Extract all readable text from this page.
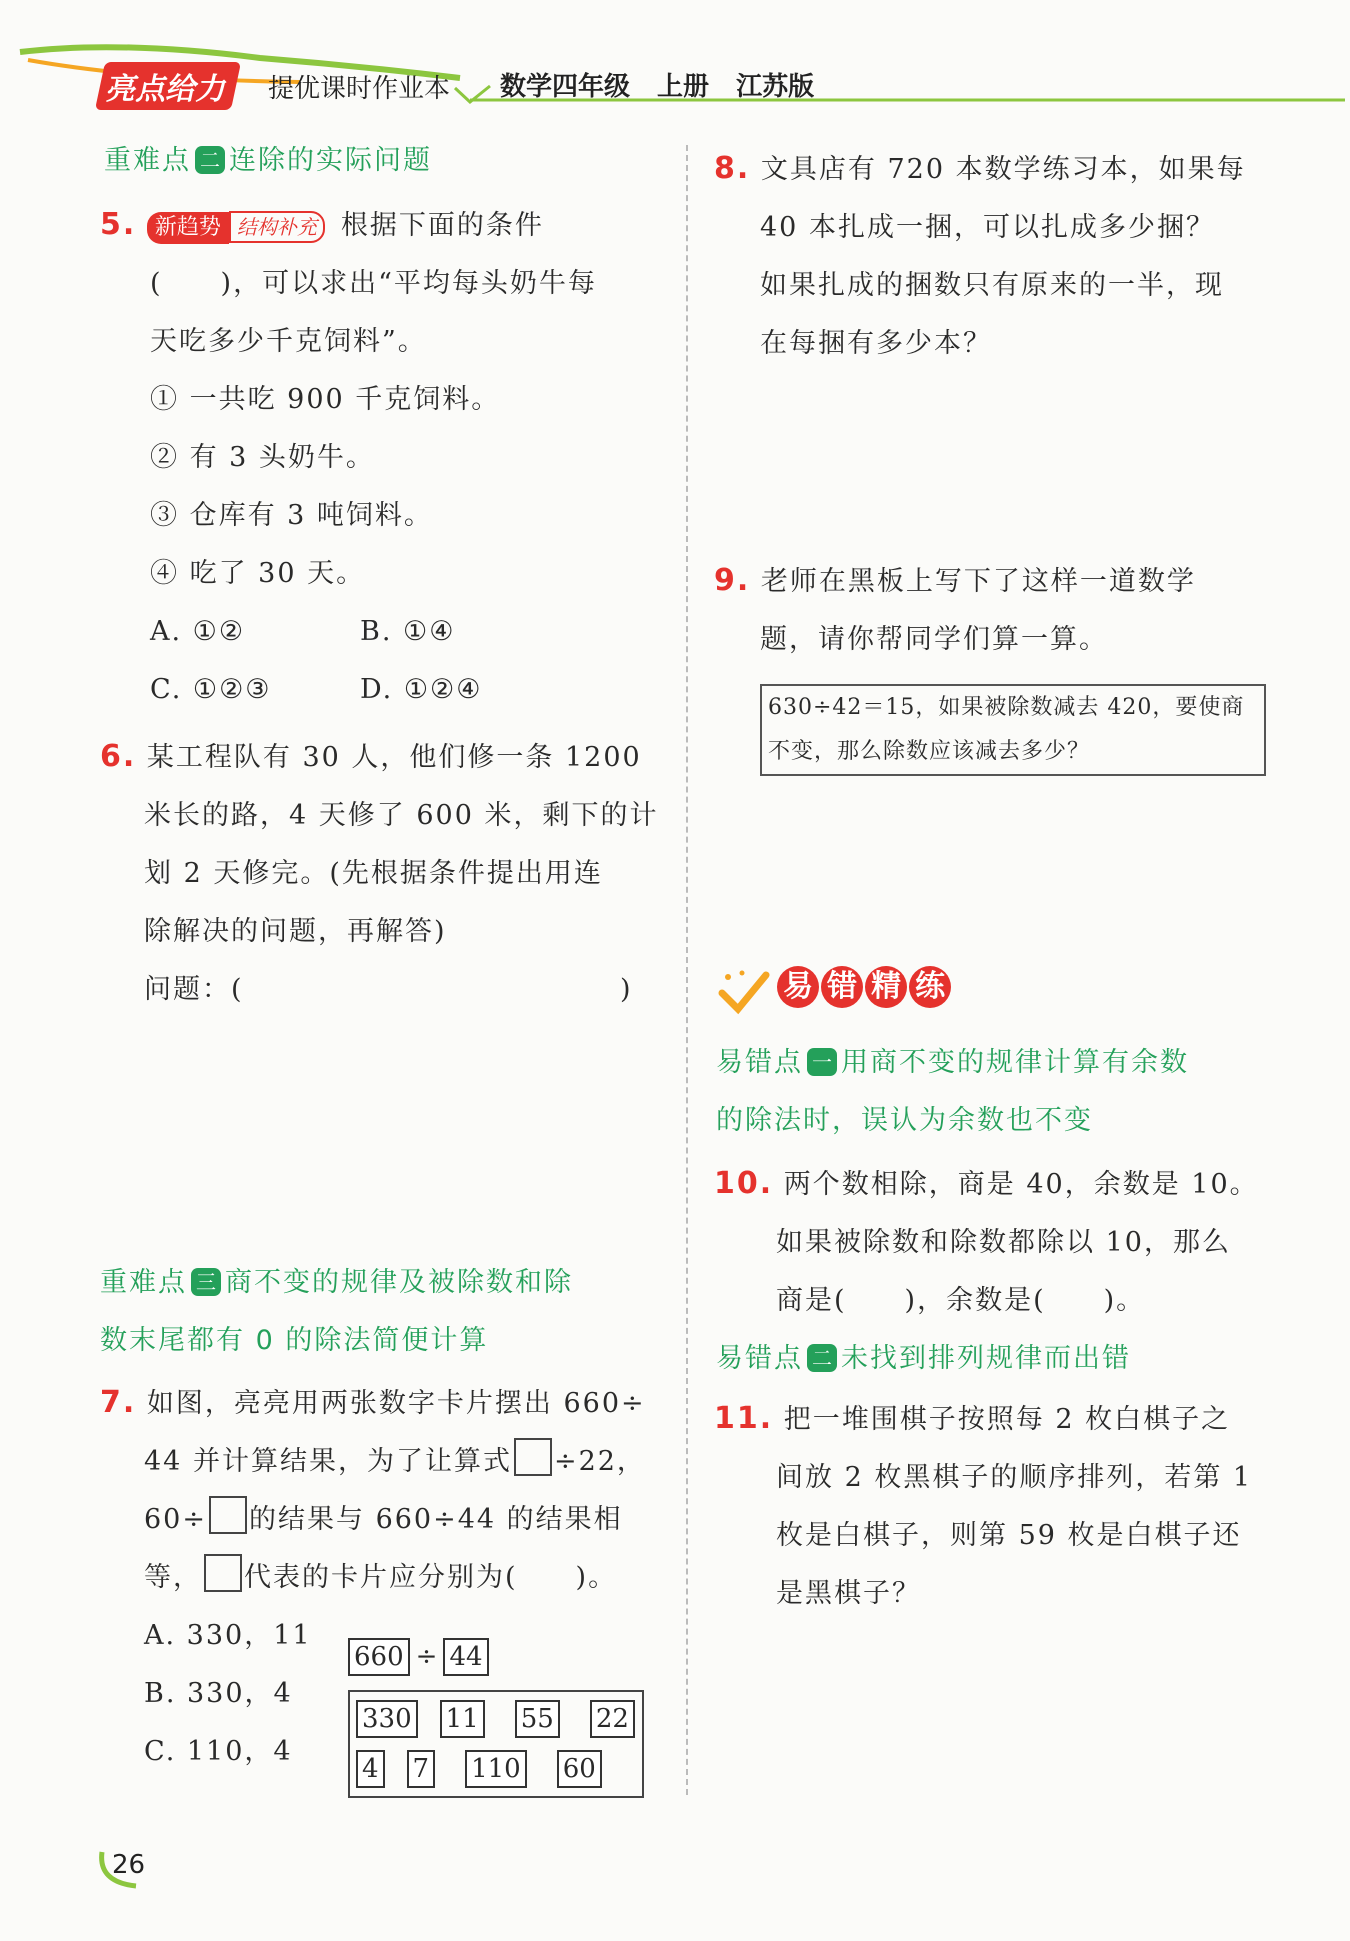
亮点给力	提优课时作业本 数学四年级 上册 江苏版
重难点 二 连除的实际问题
5. 新趋势 结构补充 根据下面的条件
(　　)，可以求出“平均每头奶牛每
天吃多少千克饲料”。
① 一共吃 900 千克饲料。
② 有 3 头奶牛。
③ 仓库有 3 吨饲料。
④ 吃了 30 天。
A. ①②	B. ①④
C. ①②③	D. ①②④
6. 某工程队有 30 人，他们修一条 1200
米长的路，4 天修了 600 米，剩下的计
划 2 天修完。(先根据条件提出用连
除解决的问题，再解答)
问题：(	)
重难点 三 商不变的规律及被除数和除
数末尾都有 0 的除法简便计算
7. 如图，亮亮用两张数字卡片摆出 660÷
44 并计算结果，为了让算式 ÷22，
60÷ 的结果与 660÷44 的结果相
等， 代表的卡片应分别为(　　)。
A. 330，11
B. 330，4
C. 110，4
660 ÷ 44
330 11 55 22
4 7 110 60
8. 文具店有 720 本数学练习本，如果每
40 本扎成一捆，可以扎成多少捆？
如果扎成的捆数只有原来的一半，现
在每捆有多少本？
9. 老师在黑板上写下了这样一道数学
题，请你帮同学们算一算。
630÷42＝15，如果被除数减去 420，要使商
不变，那么除数应该减去多少？
易 错 精 练
易错点 一 用商不变的规律计算有余数
的除法时，误认为余数也不变
10. 两个数相除，商是 40，余数是 10。
如果被除数和除数都除以 10，那么
商是(　　)，余数是(　　)。
易错点 二 未找到排列规律而出错
11. 把一堆围棋子按照每 2 枚白棋子之
间放 2 枚黑棋子的顺序排列，若第 1
枚是白棋子，则第 59 枚是白棋子还
是黑棋子？
26
